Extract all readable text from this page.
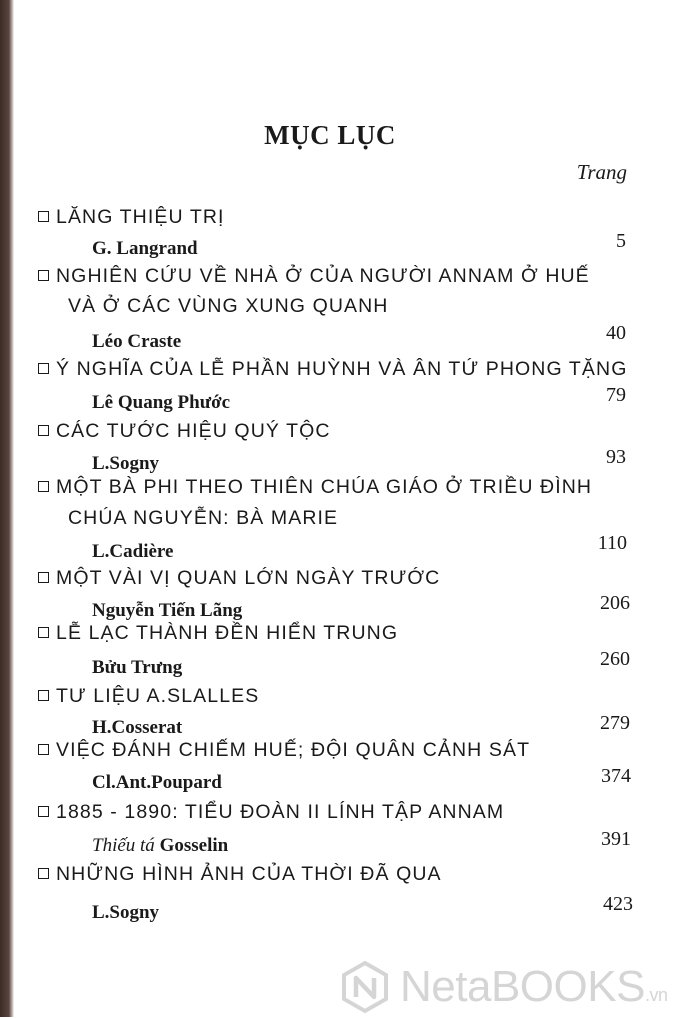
MỤC LỤC
Trang
LĂNG THIỆU TRỊ
G. Langrand	5
NGHIÊN CỨU VỀ NHÀ Ở CỦA NGƯỜI ANNAM Ở HUẾ
VÀ Ở CÁC VÙNG XUNG QUANH
Léo Craste	40
Ý NGHĨA CỦA LỄ PHẦN HUỲNH VÀ ÂN TỨ PHONG TẶNG
Lê Quang Phước	79
CÁC TƯỚC HIỆU QUÝ TỘC
L.Sogny	93
MỘT BÀ PHI THEO THIÊN CHÚA GIÁO Ở TRIỀU ĐÌNH
CHÚA NGUYỄN: BÀ MARIE
L.Cadière	110
MỘT VÀI VỊ QUAN LỚN NGÀY TRƯỚC
Nguyễn Tiến Lãng	206
LỄ LẠC THÀNH ĐỀN HIỂN TRUNG
Bửu Trưng	260
TƯ LIỆU A.SLALLES
H.Cosserat	279
VIỆC ĐÁNH CHIẾM HUẾ; ĐỘI QUÂN CẢNH SÁT
Cl.Ant.Poupard	374
1885 - 1890: TIỂU ĐOÀN II LÍNH TẬP ANNAM
Thiếu tá Gosselin	391
NHỮNG HÌNH ẢNH CỦA THỜI ĐÃ QUA
L.Sogny	423
NetaBOOKS.vn
